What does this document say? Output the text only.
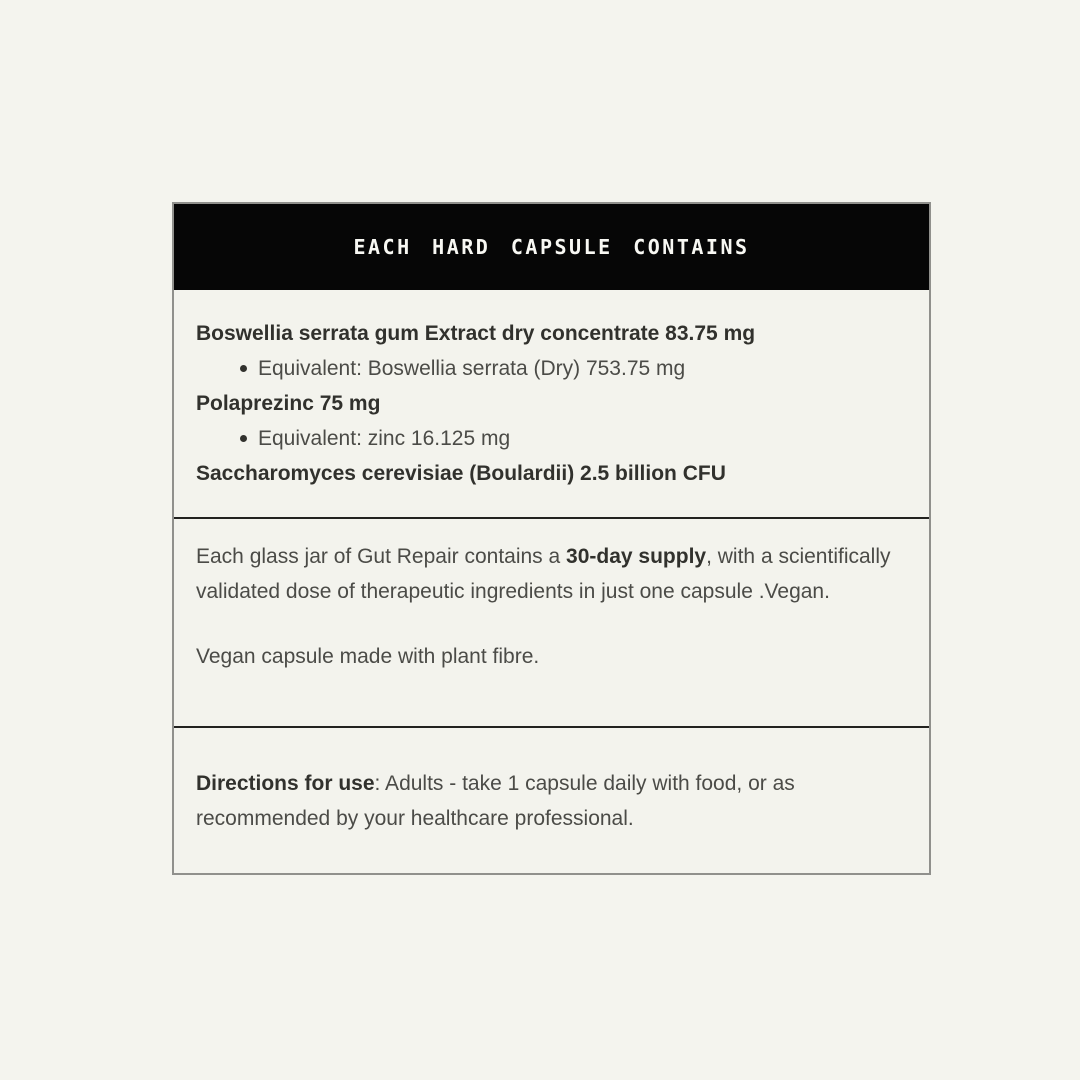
EACH HARD CAPSULE CONTAINS
Boswellia serrata gum Extract dry concentrate 83.75 mg
Equivalent: Boswellia serrata (Dry) 753.75 mg
Polaprezinc 75 mg
Equivalent: zinc 16.125 mg
Saccharomyces cerevisiae (Boulardii) 2.5 billion CFU

Each glass jar of Gut Repair contains a 30-day supply, with a scientifically validated dose of therapeutic ingredients in just one capsule .Vegan.

Vegan capsule made with plant fibre.

Directions for use: Adults - take 1 capsule daily with food, or as recommended by your healthcare professional.
